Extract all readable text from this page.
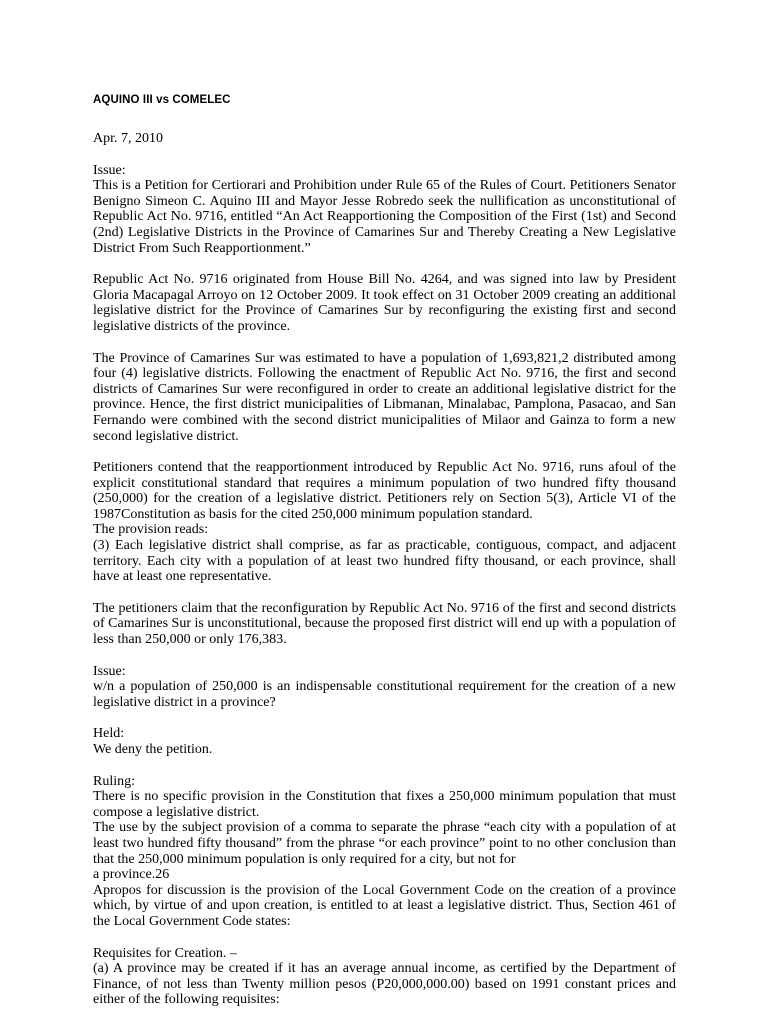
AQUINO III vs COMELEC

Apr. 7, 2010

Issue:

This is a Petition for Certiorari and Prohibition under Rule 65 of the Rules of Court. Petitioners Senator Benigno Simeon C. Aquino III and Mayor Jesse Robredo seek the nullification as unconstitutional of Republic Act No. 9716, entitled “An Act Reapportioning the Composition of the First (1st) and Second (2nd) Legislative Districts in the Province of Camarines Sur and Thereby Creating a New Legislative District From Such Reapportionment.”

Republic Act No. 9716 originated from House Bill No. 4264, and was signed into law by President Gloria Macapagal Arroyo on 12 October 2009. It took effect on 31 October 2009 creating an additional legislative district for the Province of Camarines Sur by reconfiguring the existing first and second legislative districts of the province.

The Province of Camarines Sur was estimated to have a population of 1,693,821,2 distributed among four (4) legislative districts. Following the enactment of Republic Act No. 9716, the first and second districts of Camarines Sur were reconfigured in order to create an additional legislative district for the province. Hence, the first district municipalities of Libmanan, Minalabac, Pamplona, Pasacao, and San Fernando were combined with the second district municipalities of Milaor and Gainza to form a new second legislative district.

Petitioners contend that the reapportionment introduced by Republic Act No. 9716, runs afoul of the explicit constitutional standard that requires a minimum population of two hundred fifty thousand (250,000) for the creation of a legislative district. Petitioners rely on Section 5(3), Article VI of the 1987Constitution as basis for the cited 250,000 minimum population standard.

The provision reads:

(3) Each legislative district shall comprise, as far as practicable, contiguous, compact, and adjacent territory. Each city with a population of at least two hundred fifty thousand, or each province, shall have at least one representative.

The petitioners claim that the reconfiguration by Republic Act No. 9716 of the first and second districts of Camarines Sur is unconstitutional, because the proposed first district will end up with a population of less than 250,000 or only 176,383.

Issue:

w/n a population of 250,000 is an indispensable constitutional requirement for the creation of a new legislative district in a province?

Held:

We deny the petition.

Ruling:

There is no specific provision in the Constitution that fixes a 250,000 minimum population that must compose a legislative district.

The use by the subject provision of a comma to separate the phrase “each city with a population of at least two hundred fifty thousand” from the phrase “or each province” point to no other conclusion than that the 250,000 minimum population is only required for a city, but not for

a province.26

Apropos for discussion is the provision of the Local Government Code on the creation of a province which, by virtue of and upon creation, is entitled to at least a legislative district. Thus, Section 461 of the Local Government Code states:

Requisites for Creation. –

(a) A province may be created if it has an average annual income, as certified by the Department of Finance, of not less than Twenty million pesos (P20,000,000.00) based on 1991 constant prices and either of the following requisites:
